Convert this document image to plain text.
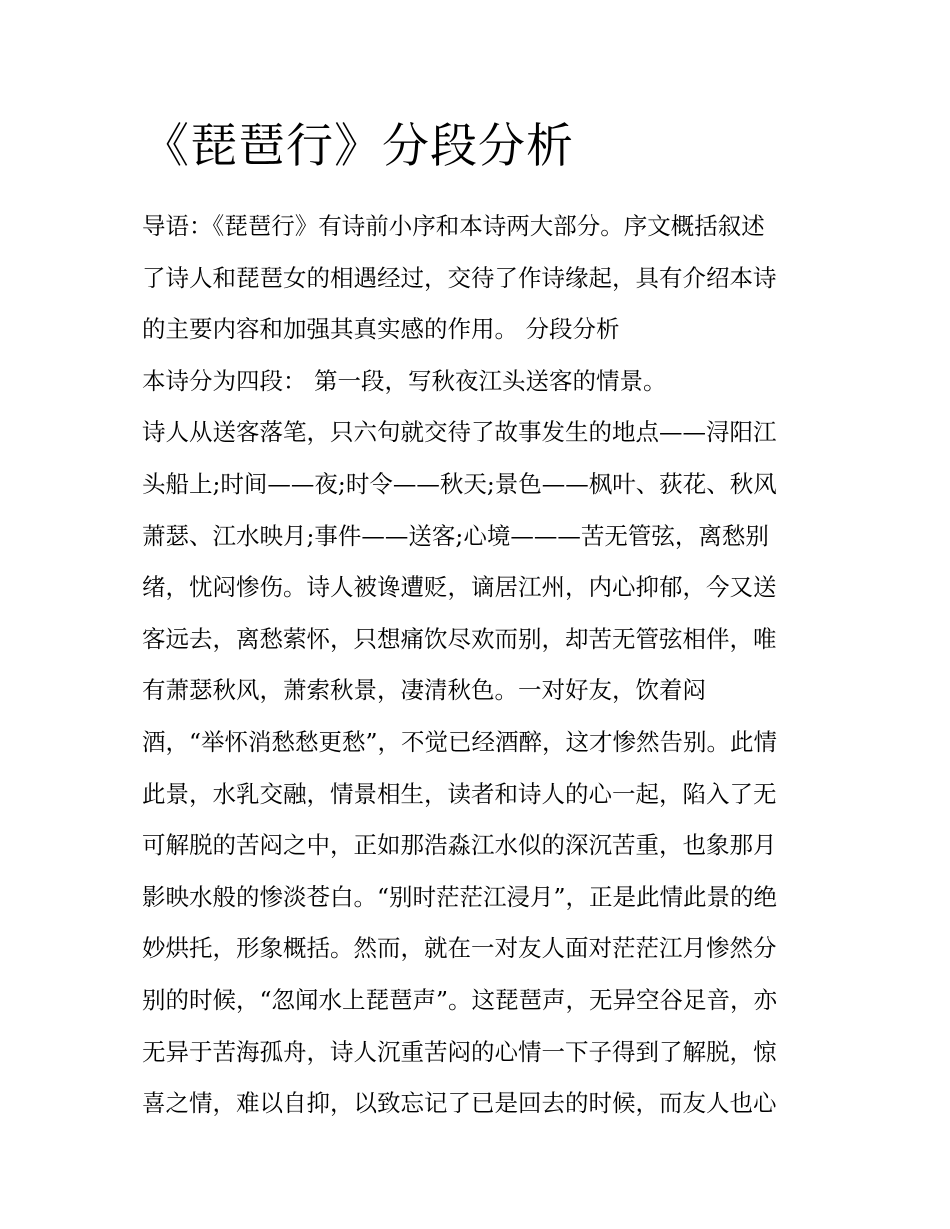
《琵琶行》分段分析
导语：《琵琶行》有诗前小序和本诗两大部分。序文概括叙述
了诗人和琵琶女的相遇经过，交待了作诗缘起，具有介绍本诗
的主要内容和加强其真实感的作用。 分段分析
本诗分为四段： 第一段，写秋夜江头送客的情景。
诗人从送客落笔，只六句就交待了故事发生的地点——浔阳江
头船上;时间——夜;时令——秋天;景色——枫叶、荻花、秋风
萧瑟、江水映月;事件——送客;心境———苦无管弦，离愁别
绪，忧闷惨伤。诗人被谗遭贬，谪居江州，内心抑郁，今又送
客远去，离愁萦怀，只想痛饮尽欢而别，却苦无管弦相伴，唯
有萧瑟秋风，萧索秋景，凄清秋色。一对好友，饮着闷
酒，“举怀消愁愁更愁”，不觉已经酒醉，这才惨然告别。此情
此景，水乳交融，情景相生，读者和诗人的心一起，陷入了无
可解脱的苦闷之中，正如那浩淼江水似的深沉苦重，也象那月
影映水般的惨淡苍白。“别时茫茫江浸月”，正是此情此景的绝
妙烘托，形象概括。然而，就在一对友人面对茫茫江月惨然分
别的时候，“忽闻水上琵琶声”。这琵琶声，无异空谷足音，亦
无异于苦海孤舟，诗人沉重苦闷的心情一下子得到了解脱，惊
喜之情，难以自抑，以致忘记了已是回去的时候，而友人也心
